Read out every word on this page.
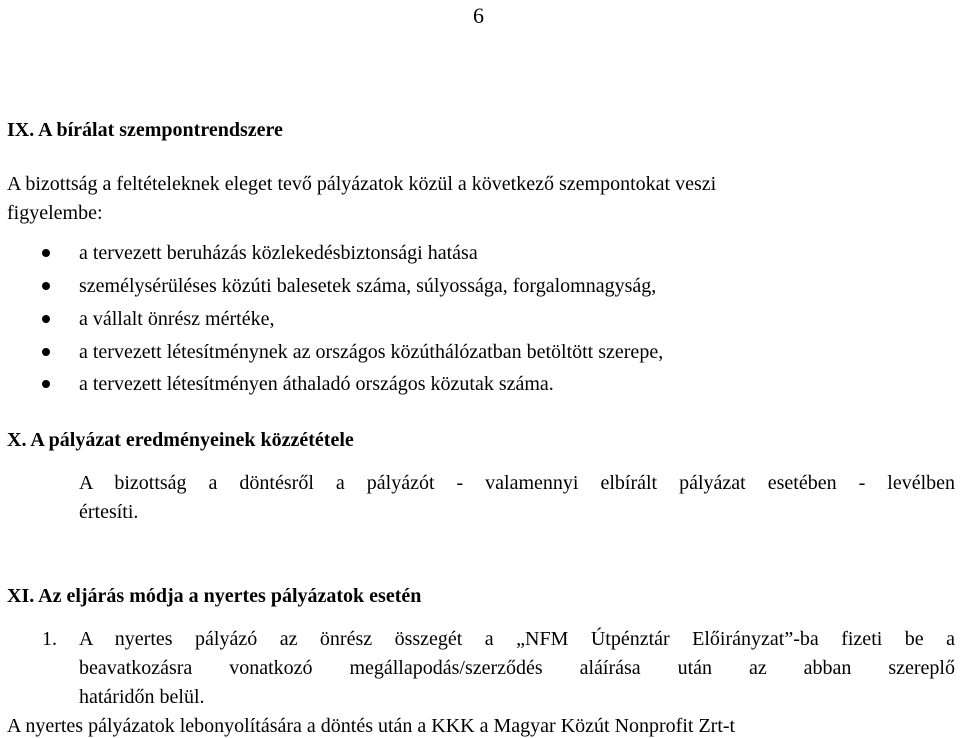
6
IX. A bírálat szempontrendszere
A bizottság a feltételeknek eleget tevő pályázatok közül a következő szempontokat veszi
figyelembe:
a tervezett beruházás közlekedésbiztonsági hatása
személysérüléses közúti balesetek száma, súlyossága, forgalomnagyság,
a vállalt önrész mértéke,
a tervezett létesítménynek az országos közúthálózatban betöltött szerepe,
a tervezett létesítményen áthaladó országos közutak száma.
X. A pályázat eredményeinek közzététele
A bizottság a döntésről a pályázót - valamennyi elbírált pályázat esetében - levélben
értesíti.
XI. Az eljárás módja a nyertes pályázatok esetén
1. A nyertes pályázó az önrész összegét a „NFM Útpénztár Előirányzat”-ba fizeti be a
beavatkozásra vonatkozó megállapodás/szerződés aláírása után az abban szereplő
határidőn belül.
A nyertes pályázatok lebonyolítására a döntés után a KKK a Magyar Közút Nonprofit Zrt-t
